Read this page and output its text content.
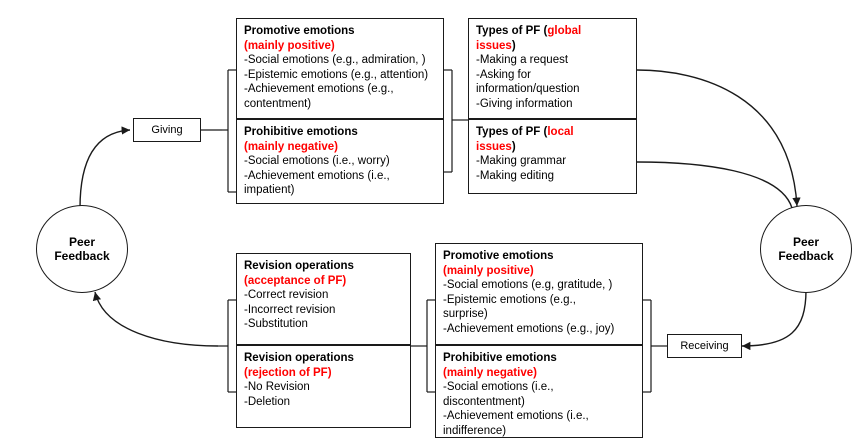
Peer
Feedback
Peer
Feedback
Giving
Receiving
Promotive emotions
(mainly positive)
-Social emotions (e.g., admiration, )
-Epistemic emotions (e.g., attention)
-Achievement emotions (e.g.,
contentment)
Prohibitive emotions
(mainly negative)
-Social emotions (i.e., worry)
-Achievement emotions (i.e.,
impatient)
Types of PF (global
issues)
-Making a request
-Asking for
information/question
-Giving information
Types of PF (local
issues)
-Making grammar
-Making editing
Revision operations
(acceptance of PF)
-Correct revision
-Incorrect revision
-Substitution
Revision operations
(rejection of PF)
-No Revision
-Deletion
Promotive emotions
(mainly positive)
-Social emotions (e.g, gratitude, )
-Epistemic emotions (e.g.,
surprise)
-Achievement emotions (e.g., joy)
Prohibitive emotions
(mainly negative)
-Social emotions (i.e.,
discontentment)
-Achievement emotions (i.e.,
indifference)
